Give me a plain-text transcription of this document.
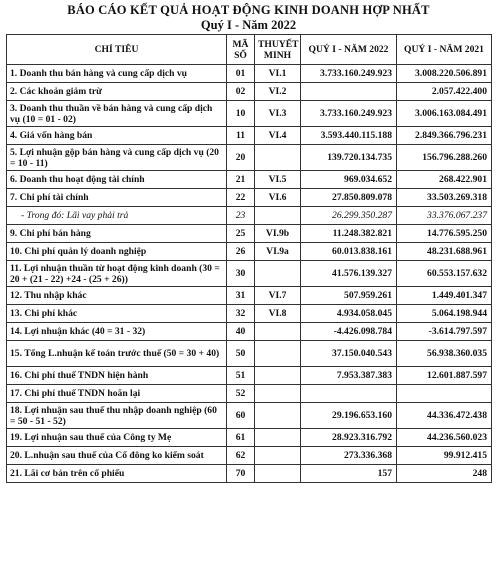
BÁO CÁO KẾT QUẢ HOẠT ĐỘNG KINH DOANH HỢP NHẤT
Quý I - Năm 2022
CHỈ TIÊU	MÃ SỐ	THUYẾT MINH	QUÝ I - NĂM 2022	QUÝ I - NĂM 2021
1. Doanh thu bán hàng và cung cấp dịch vụ	01	VI.1	3.733.160.249.923	3.008.220.506.891
2. Các khoản giảm trừ	02	VI.2		2.057.422.400
3. Doanh thu thuần về bán hàng và cung cấp dịch vụ (10 = 01 - 02)	10	VI.3	3.733.160.249.923	3.006.163.084.491
4. Giá vốn hàng bán	11	VI.4	3.593.440.115.188	2.849.366.796.231
5. Lợi nhuận gộp bán hàng và cung cấp dịch vụ (20 = 10 - 11)	20		139.720.134.735	156.796.288.260
6. Doanh thu hoạt động tài chính	21	VI.5	969.034.652	268.422.901
7. Chi phí tài chính	22	VI.6	27.850.809.078	33.503.269.318
- Trong đó: Lãi vay phải trả	23		26.299.350.287	33.376.067.237
9. Chi phí bán hàng	25	VI.9b	11.248.382.821	14.776.595.250
10. Chi phí quản lý doanh nghiệp	26	VI.9a	60.013.838.161	48.231.688.961
11. Lợi nhuận thuần từ hoạt động kinh doanh (30 = 20 + (21 - 22) +24 - (25 + 26))	30		41.576.139.327	60.553.157.632
12. Thu nhập khác	31	VI.7	507.959.261	1.449.401.347
13. Chi phí khác	32	VI.8	4.934.058.045	5.064.198.944
14. Lợi nhuận khác (40 = 31 - 32)	40		-4.426.098.784	-3.614.797.597
15. Tổng L.nhuận kế toán trước thuế (50 = 30 + 40)	50		37.150.040.543	56.938.360.035
16. Chi phí thuế TNDN hiện hành	51		7.953.387.383	12.601.887.597
17. Chi phí thuế TNDN hoãn lại	52			
18. Lợi nhuận sau thuế thu nhập doanh nghiệp (60 = 50 - 51 - 52)	60		29.196.653.160	44.336.472.438
19. Lợi nhuận sau thuế của Công ty Mẹ	61		28.923.316.792	44.236.560.023
20. L.nhuận sau thuế của Cổ đông ko kiểm soát	62		273.336.368	99.912.415
21. Lãi cơ bản trên cổ phiếu	70		157	248
